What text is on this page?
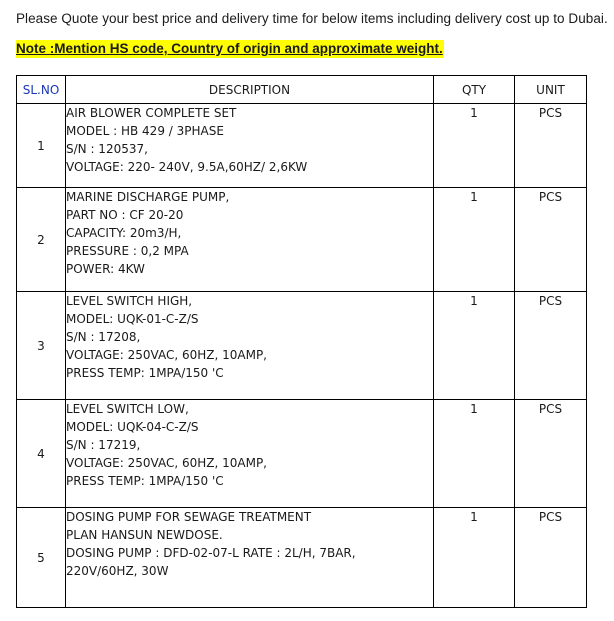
Please Quote your best price and delivery time for below items including delivery cost up to Dubai.
Note :Mention HS code, Country of origin and approximate weight.
SL.NO	DESCRIPTION	QTY	UNIT
1	AIR BLOWER COMPLETE SET
MODEL : HB 429 / 3PHASE
S/N : 120537,
VOLTAGE: 220- 240V, 9.5A,60HZ/ 2,6KW	1	PCS
2	MARINE DISCHARGE PUMP,
PART NO : CF 20-20
CAPACITY: 20m3/H,
PRESSURE : 0,2 MPA
POWER: 4KW	1	PCS
3	LEVEL SWITCH HIGH,
MODEL: UQK-01-C-Z/S
S/N : 17208,
VOLTAGE: 250VAC, 60HZ, 10AMP,
PRESS TEMP: 1MPA/150 'C	1	PCS
4	LEVEL SWITCH LOW,
MODEL: UQK-04-C-Z/S
S/N : 17219,
VOLTAGE: 250VAC, 60HZ, 10AMP,
PRESS TEMP: 1MPA/150 'C	1	PCS
5	DOSING PUMP FOR SEWAGE TREATMENT
PLAN HANSUN NEWDOSE.
DOSING PUMP : DFD-02-07-L RATE : 2L/H, 7BAR,
220V/60HZ, 30W	1	PCS
